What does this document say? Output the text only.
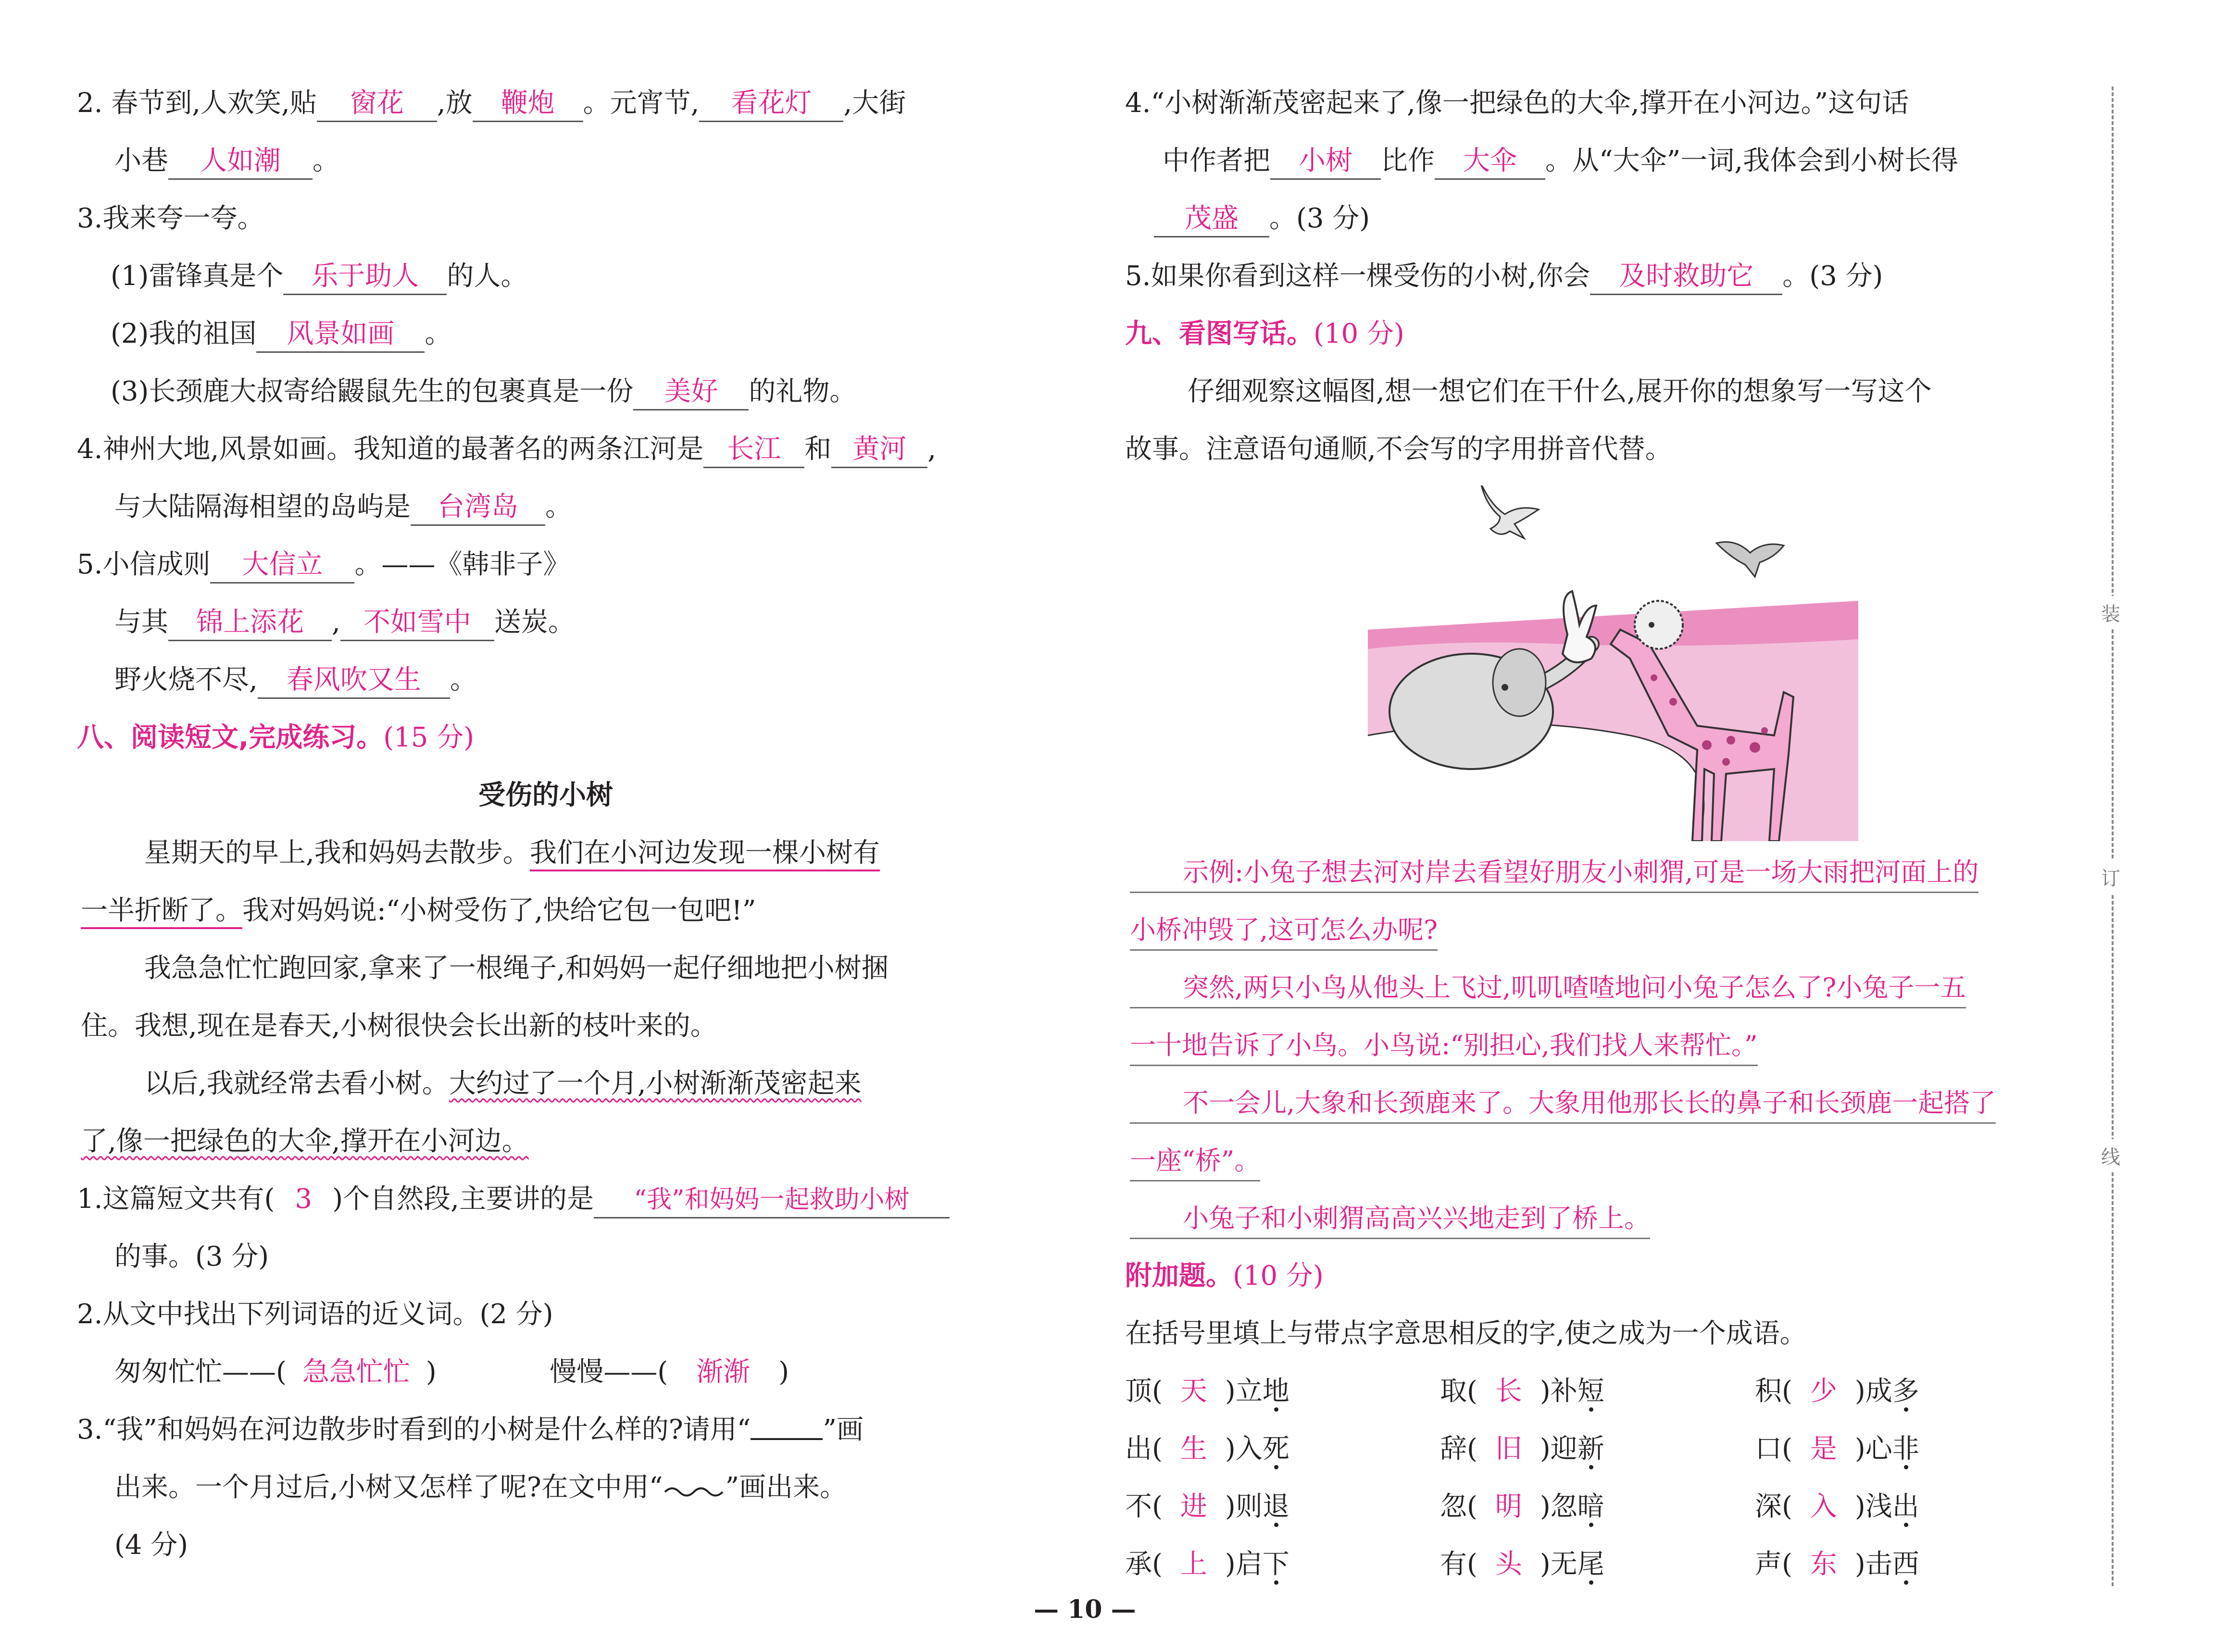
2. 春节到,人欢笑,贴 窗花 ,放 鞭炮 。元宵节, 看花灯 ,大街
小巷 人如潮 。
3.我来夸一夸。
(1)雷锋真是个 乐于助人 的人。
(2)我的祖国 风景如画 。
(3)长颈鹿大叔寄给鼹鼠先生的包裹真是一份 美好 的礼物。
4.神州大地,风景如画。我知道的最著名的两条江河是 长江 和 黄河 ,
与大陆隔海相望的岛屿是 台湾岛 。
5.小信成则 大信立 。——《韩非子》
与其 锦上添花 , 不如雪中 送炭。
野火烧不尽, 春风吹又生 。
八、阅读短文,完成练习。(15 分)
受伤的小树
星期天的早上,我和妈妈去散步。我们在小河边发现一棵小树有
一半折断了。我对妈妈说:“小树受伤了,快给它包一包吧!”
我急急忙忙跑回家,拿来了一根绳子,和妈妈一起仔细地把小树捆
住。我想,现在是春天,小树很快会长出新的枝叶来的。
以后,我就经常去看小树。大约过了一个月,小树渐渐茂密起来
了,像一把绿色的大伞,撑开在小河边。
1.这篇短文共有( 3 )个自然段,主要讲的是 “我”和妈妈一起救助小树
的事。(3 分)
2.从文中找出下列词语的近义词。(2 分)
匆匆忙忙——( 急急忙忙 )	慢慢——( 渐渐 )
3.“我”和妈妈在河边散步时看到的小树是什么样的?请用“	”画
出来。一个月过后,小树又怎样了呢?在文中用“ ”画出来。
(4 分)
4.“小树渐渐茂密起来了,像一把绿色的大伞,撑开在小河边。”这句话
中作者把 小树 比作 大伞 。从“大伞”一词,我体会到小树长得
茂盛 。(3 分)
5.如果你看到这样一棵受伤的小树,你会 及时救助它 。(3 分)
九、看图写话。(10 分)
仔细观察这幅图,想一想它们在干什么,展开你的想象写一写这个
故事。注意语句通顺,不会写的字用拼音代替。
示例:小兔子想去河对岸去看望好朋友小刺猬,可是一场大雨把河面上的
小桥冲毁了,这可怎么办呢?
突然,两只小鸟从他头上飞过,叽叽喳喳地问小兔子怎么了?小兔子一五
一十地告诉了小鸟。小鸟说:“别担心,我们找人来帮忙。”
不一会儿,大象和长颈鹿来了。大象用他那长长的鼻子和长颈鹿一起搭了
一座“桥”。
小兔子和小刺猬高高兴兴地走到了桥上。
附加题。(10 分)
在括号里填上与带点字意思相反的字,使之成为一个成语。
顶( 天 )立地	取( 长 )补短	积( 少 )成多
出( 生 )入死	辞( 旧 )迎新	口( 是 )心非
不( 进 )则退	忽( 明 )忽暗	深( 入 )浅出
承( 上 )启下	有( 头 )无尾	声( 东 )击西
装
订
线
— 10 —
